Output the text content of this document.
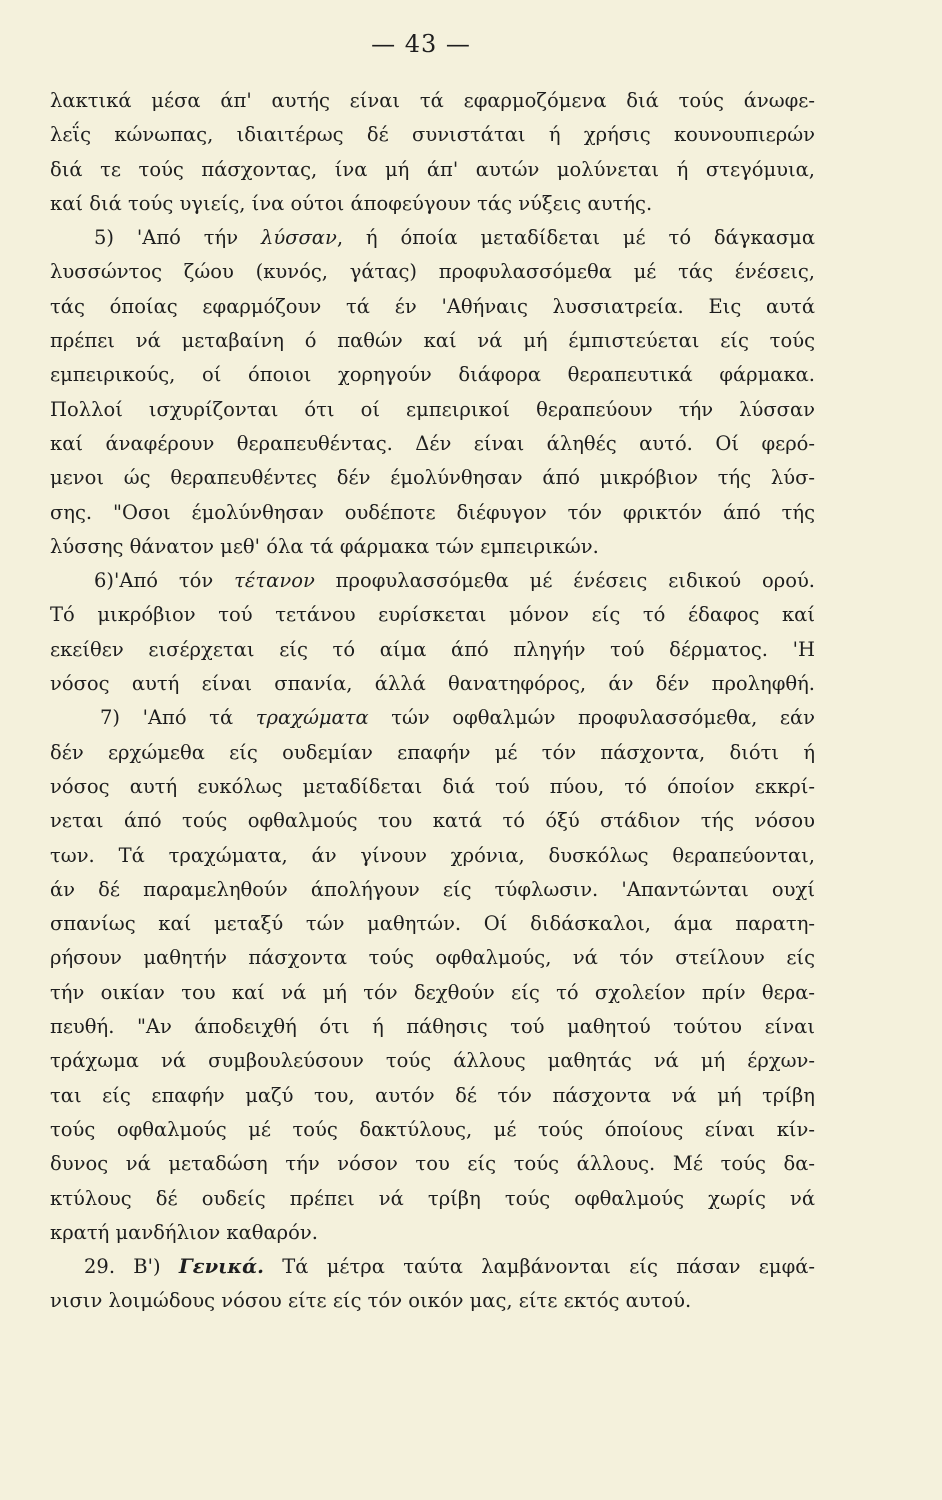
— 43 —
λακτικά μέσα άπ' αυτής είναι τά εφαρμοζόμενα διά τούς άνωφε-
λεΐς κώνωπας, ιδιαιτέρως δέ συνιστάται ή χρήσις κουνουπιερών
διά τε τούς πάσχοντας, ίνα μή άπ' αυτών μολύνεται ή στεγόμυια,
καί διά τούς υγιείς, ίνα ούτοι άποφεύγουν τάς νύξεις αυτής.
5) 'Από τήν λύσσαν, ή όποία μεταδίδεται μέ τό δάγκασμα
λυσσώντος ζώου (κυνός, γάτας) προφυλασσόμεθα μέ τάς ένέσεις,
τάς όποίας εφαρμόζουν τά έν 'Αθήναις λυσσιατρεία. Εις αυτά
πρέπει νά μεταβαίνη ό παθών καί νά μή έμπιστεύεται είς τούς
εμπειρικούς, οί όποιοι χορηγούν διάφορα θεραπευτικά φάρμακα.
Πολλοί ισχυρίζονται ότι οί εμπειρικοί θεραπεύουν τήν λύσσαν
καί άναφέρουν θεραπευθέντας. Δέν είναι άληθές αυτό. Οί φερό-
μενοι ώς θεραπευθέντες δέν έμολύνθησαν άπό μικρόβιον τής λύσ-
σης. "Οσοι έμολύνθησαν ουδέποτε διέφυγον τόν φρικτόν άπό τής
λύσσης θάνατον μεθ' όλα τά φάρμακα τών εμπειρικών.
6)'Από τόν τέτανον προφυλασσόμεθα μέ ένέσεις ειδικού ορού.
Τό μικρόβιον τού τετάνου ευρίσκεται μόνον είς τό έδαφος καί
εκείθεν εισέρχεται είς τό αίμα άπό πληγήν τού δέρματος. 'Η
νόσος αυτή είναι σπανία, άλλά θανατηφόρος, άν δέν προληφθή.
7) 'Από τά τραχώματα τών οφθαλμών προφυλασσόμεθα, εάν
δέν ερχώμεθα είς ουδεμίαν επαφήν μέ τόν πάσχοντα, διότι ή
νόσος αυτή ευκόλως μεταδίδεται διά τού πύου, τό όποίον εκκρί-
νεται άπό τούς οφθαλμούς του κατά τό όξύ στάδιον τής νόσου
των. Τά τραχώματα, άν γίνουν χρόνια, δυσκόλως θεραπεύονται,
άν δέ παραμεληθούν άπολήγουν είς τύφλωσιν. 'Απαντώνται ουχί
σπανίως καί μεταξύ τών μαθητών. Οί διδάσκαλοι, άμα παρατη-
ρήσουν μαθητήν πάσχοντα τούς οφθαλμούς, νά τόν στείλουν είς
τήν οικίαν του καί νά μή τόν δεχθούν είς τό σχολείον πρίν θερα-
πευθή. "Αν άποδειχθή ότι ή πάθησις τού μαθητού τούτου είναι
τράχωμα νά συμβουλεύσουν τούς άλλους μαθητάς νά μή έρχων-
ται είς επαφήν μαζύ του, αυτόν δέ τόν πάσχοντα νά μή τρίβη
τούς οφθαλμούς μέ τούς δακτύλους, μέ τούς όποίους είναι κίν-
δυνος νά μεταδώση τήν νόσον του είς τούς άλλους. Μέ τούς δα-
κτύλους δέ ουδείς πρέπει νά τρίβη τούς οφθαλμούς χωρίς νά
κρατή μανδήλιον καθαρόν.
29. Β') Γενικά. Τά μέτρα ταύτα λαμβάνονται είς πάσαν εμφά-
νισιν λοιμώδους νόσου είτε είς τόν οικόν μας, είτε εκτός αυτού.
